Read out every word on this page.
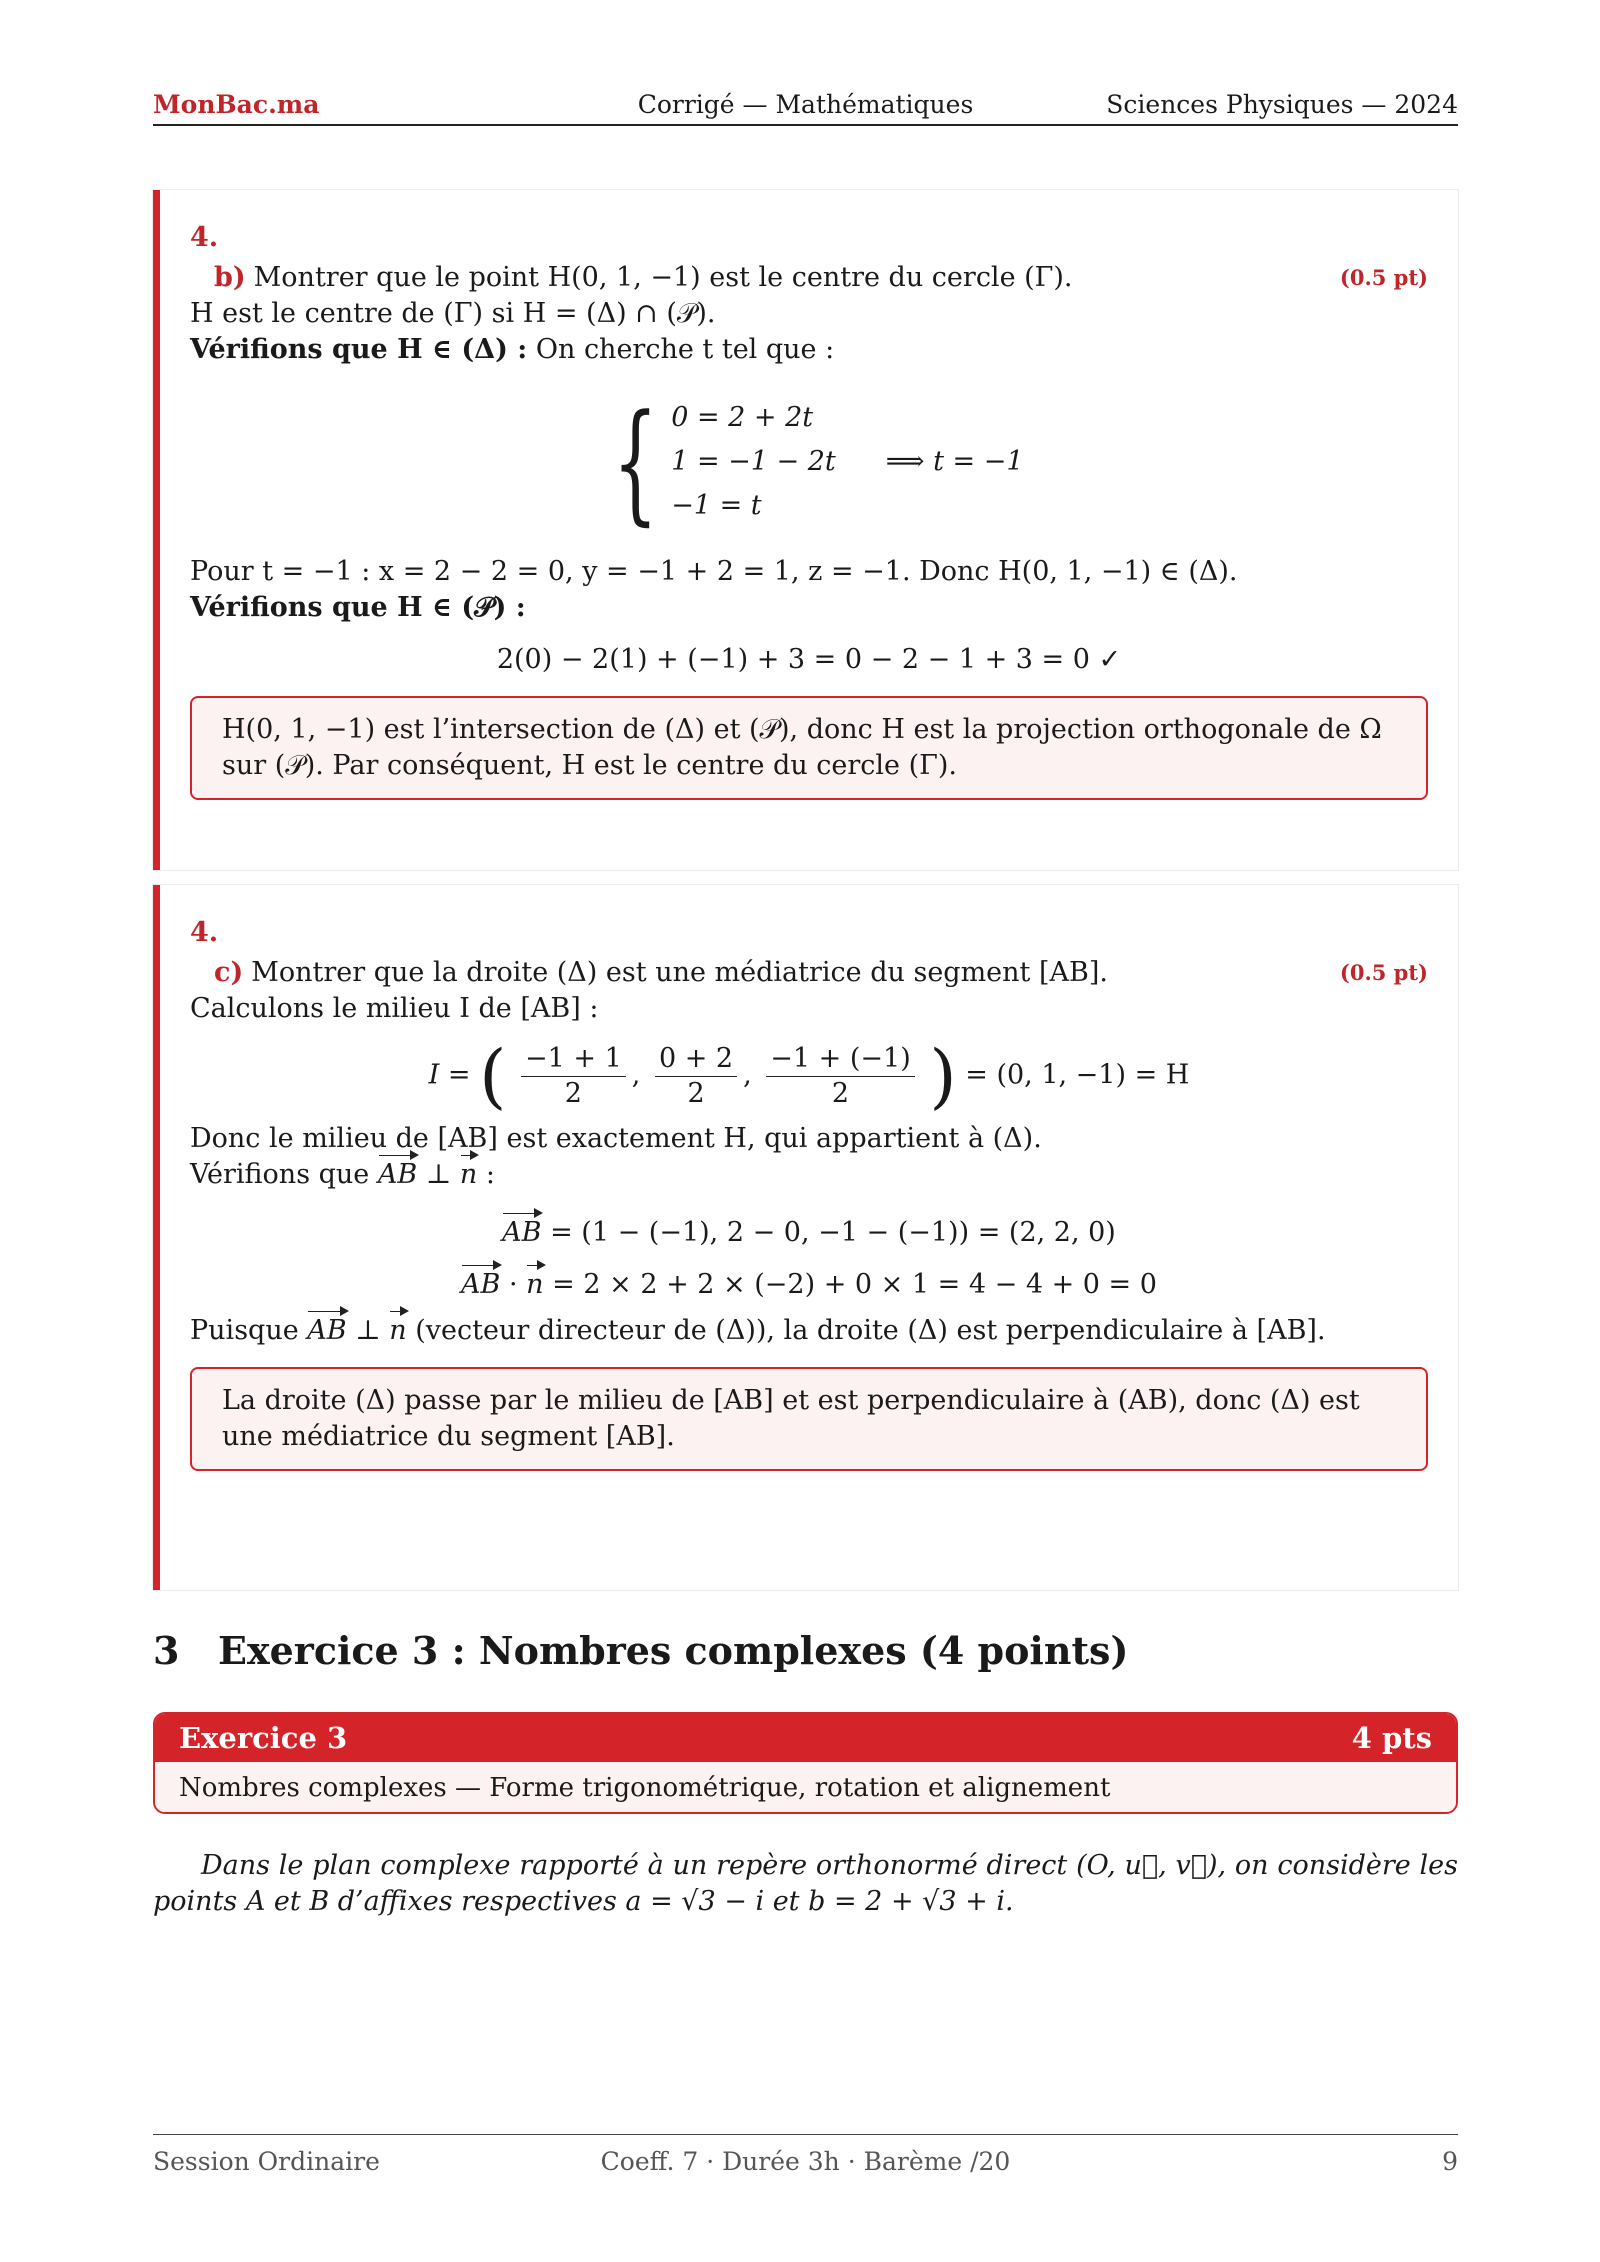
MonBac.ma	Corrigé — Mathématiques	Sciences Physiques — 2024
4.
b) Montrer que le point H(0, 1, −1) est le centre du cercle (Γ).	(0.5 pt)
H est le centre de (Γ) si H = (Δ) ∩ (𝒫).
Vérifions que H ∈ (Δ) : On cherche t tel que :
{ 0 = 2 + 2t
1 = −1 − 2t
−1 = t
⟹ t = −1
Pour t = −1 : x = 2 − 2 = 0, y = −1 + 2 = 1, z = −1. Donc H(0, 1, −1) ∈ (Δ).
Vérifions que H ∈ (𝒫) :
2(0) − 2(1) + (−1) + 3 = 0 − 2 − 1 + 3 = 0 ✓
H(0, 1, −1) est l’intersection de (Δ) et (𝒫), donc H est la projection orthogonale de Ω sur (𝒫). Par conséquent, H est le centre du cercle (Γ).
4.
c) Montrer que la droite (Δ) est une médiatrice du segment [AB].	(0.5 pt)
Calculons le milieu I de [AB] :
I = ( $\frac{-1 + 1}{2}$ , $\frac{0 + 2}{2}$ , $\frac{-1 + (-1)}{2}$ ) = (0, 1, −1) = H
Donc le milieu de [AB] est exactement H, qui appartient à (Δ).
Vérifions que AB ⊥ n :
AB = (1 − (−1), 2 − 0, −1 − (−1)) = (2, 2, 0)
AB · n = 2 × 2 + 2 × (−2) + 0 × 1 = 4 − 4 + 0 = 0
Puisque AB ⊥ n (vecteur directeur de (Δ)), la droite (Δ) est perpendiculaire à [AB].
La droite (Δ) passe par le milieu de [AB] et est perpendiculaire à (AB), donc (Δ) est une médiatrice du segment [AB].
3 Exercice 3 : Nombres complexes (4 points)
Exercice 3	4 pts
Nombres complexes — Forme trigonométrique, rotation et alignement
Dans le plan complexe rapporté à un repère orthonormé direct (O, u⃗, v⃗), on considère les points A et B d’affixes respectives a = √3 − i et b = 2 + √3 + i.
Session Ordinaire	Coeff. 7 · Durée 3h · Barème /20	9
